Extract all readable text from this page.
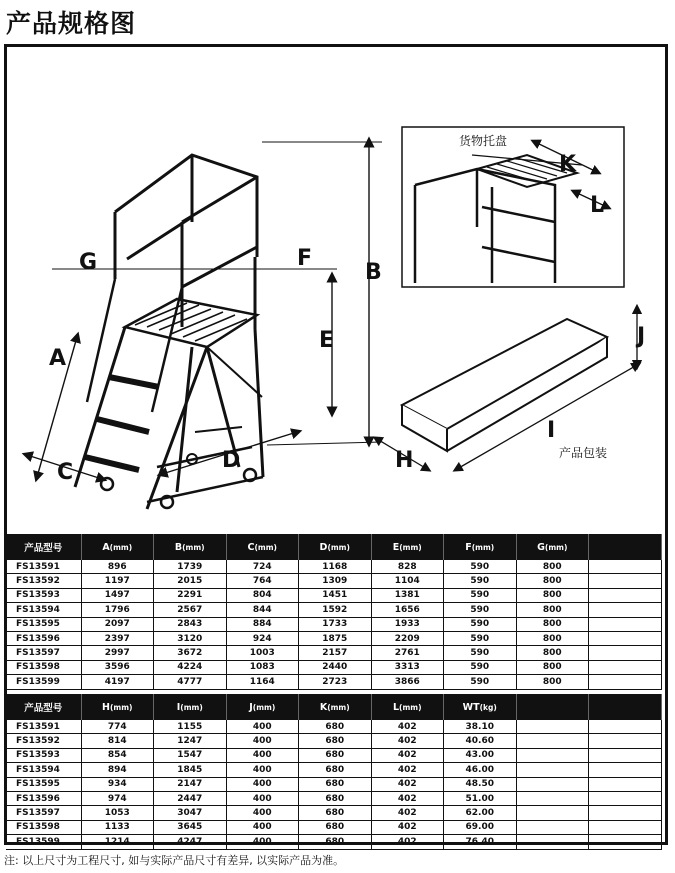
产品规格图
A
B
C	D
E
F
G
货物托盘
K
L
J
H
I
产品包装
产品型号	A(mm)	B(mm)	C(mm)	D(mm)	E(mm)	F(mm)	G(mm)	
FS13591	896	1739	724	1168	828	590	800	
FS13592	1197	2015	764	1309	1104	590	800	
FS13593	1497	2291	804	1451	1381	590	800	
FS13594	1796	2567	844	1592	1656	590	800	
FS13595	2097	2843	884	1733	1933	590	800	
FS13596	2397	3120	924	1875	2209	590	800	
FS13597	2997	3672	1003	2157	2761	590	800	
FS13598	3596	4224	1083	2440	3313	590	800	
FS13599	4197	4777	1164	2723	3866	590	800	
产品型号	H(mm)	I(mm)	J(mm)	K(mm)	L(mm)	WT(kg)		
FS13591	774	1155	400	680	402	38.10		
FS13592	814	1247	400	680	402	40.60		
FS13593	854	1547	400	680	402	43.00		
FS13594	894	1845	400	680	402	46.00		
FS13595	934	2147	400	680	402	48.50		
FS13596	974	2447	400	680	402	51.00		
FS13597	1053	3047	400	680	402	62.00		
FS13598	1133	3645	400	680	402	69.00		
FS13599	1214	4247	400	680	402	76.40		
注: 以上尺寸为工程尺寸, 如与实际产品尺寸有差异, 以实际产品为准。
